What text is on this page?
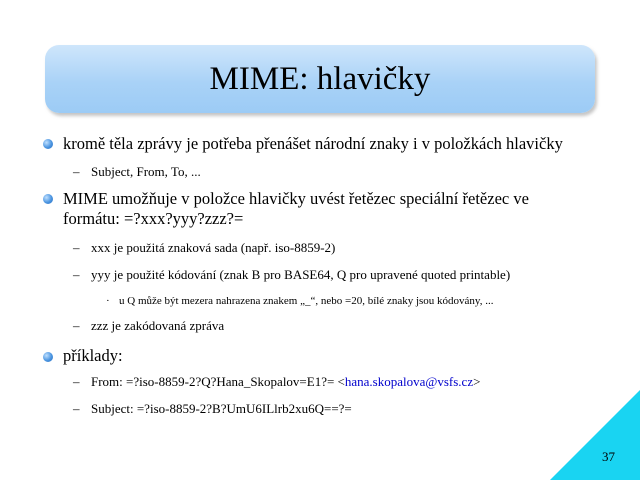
MIME: hlavičky
kromě těla zprávy je potřeba přenášet národní znaky i v položkách hlavičky
– Subject, From, To, ...
MIME umožňuje v položce hlavičky uvést řetězec speciální řetězec ve
formátu: =?xxx?yyy?zzz?=
– xxx je použitá znaková sada (např. iso-8859-2)
– yyy je použité kódování (znak B pro BASE64, Q pro upravené quoted printable)
· u Q může být mezera nahrazena znakem „_“, nebo =20, bílé znaky jsou kódovány, ...
– zzz je zakódovaná zpráva
příklady:
– From: =?iso-8859-2?Q?Hana_Skopalov=E1?= <hana.skopalova@vsfs.cz>
– Subject: =?iso-8859-2?B?UmU6ILlrb2xu6Q==?=
37
